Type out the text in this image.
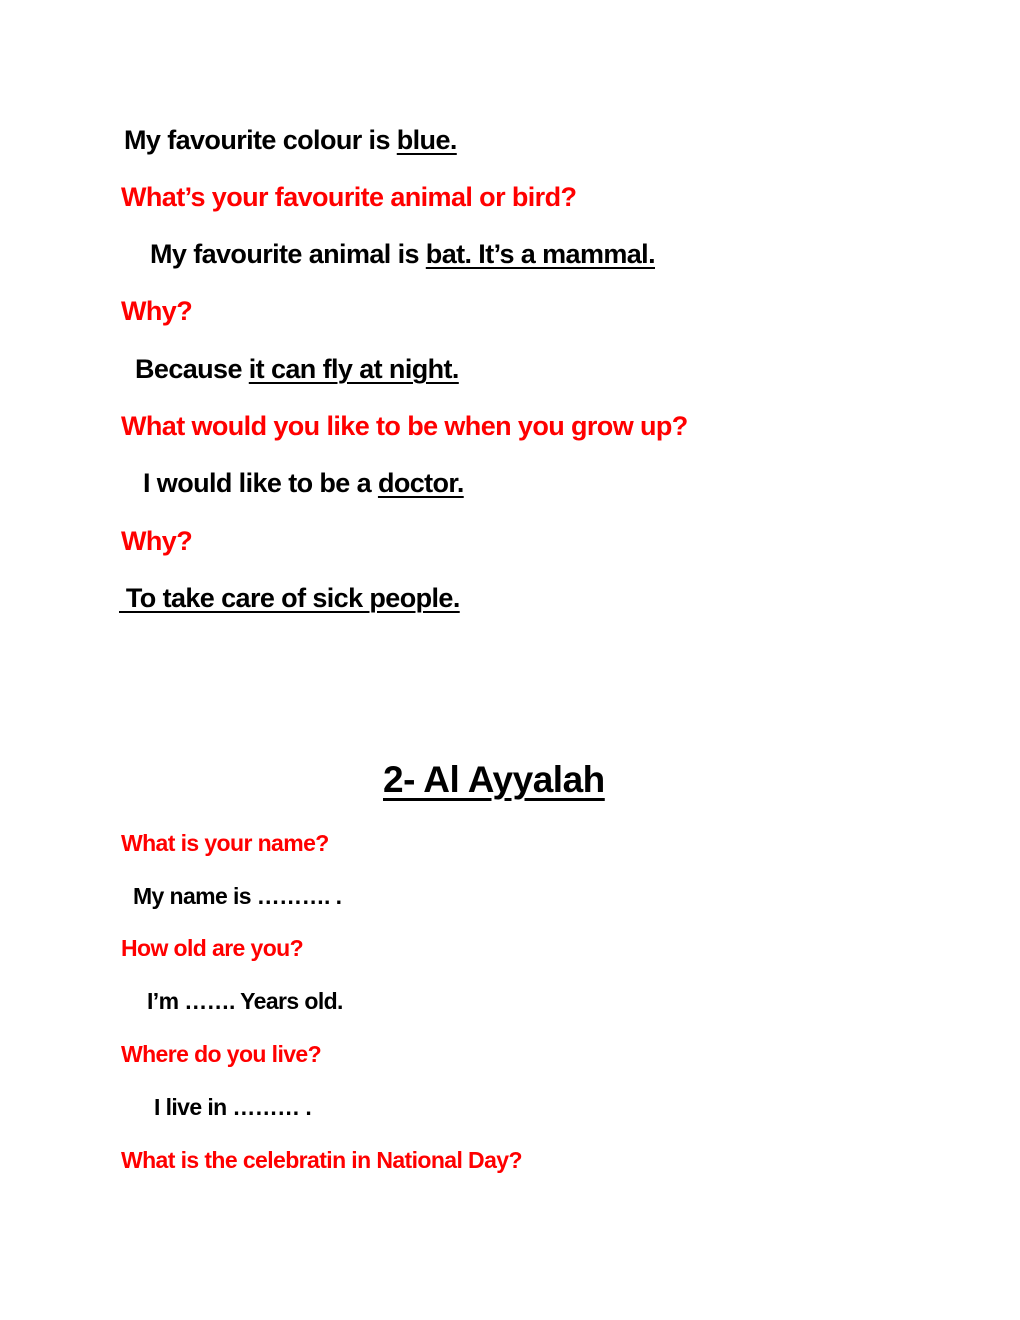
My favourite colour is blue.
What’s your favourite animal or bird?
My favourite animal is bat. It’s a mammal.
Why?
Because it can fly at night.
What would you like to be when you grow up?
I would like to be a doctor.
Why?
To take care of sick people.
2- Al Ayyalah
What is your name?
My name is ………. .
How old are you?
I’m ……. Years old.
Where do you live?
I live in ……… .
What is the celebratin in National Day?
